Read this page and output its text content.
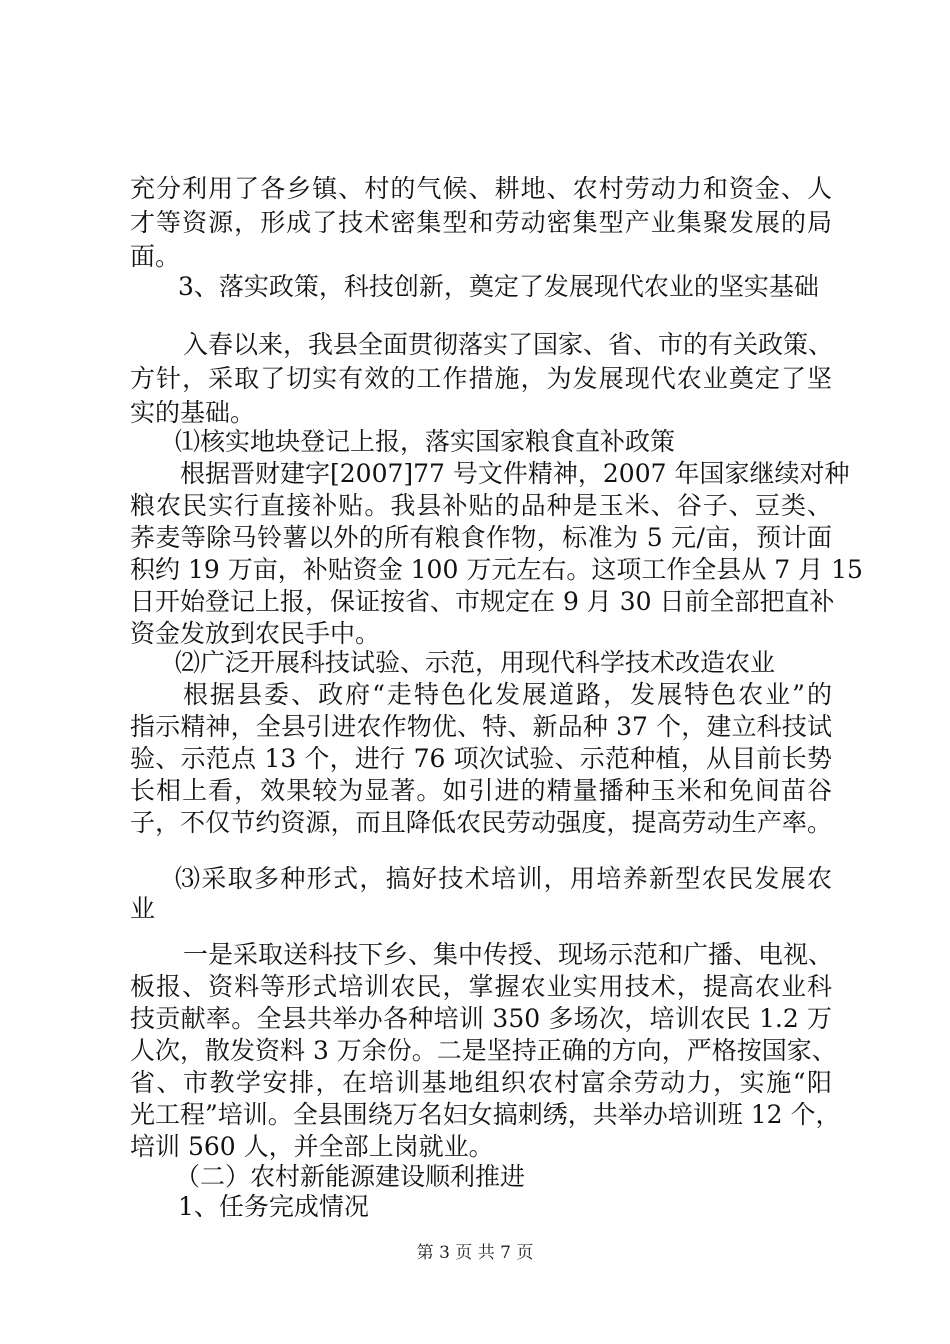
充分利用了各乡镇、村的气候、耕地、农村劳动力和资金、人

才等资源，形成了技术密集型和劳动密集型产业集聚发展的局

面。

3、落实政策，科技创新，奠定了发展现代农业的坚实基础

入春以来，我县全面贯彻落实了国家、省、市的有关政策、

方针，采取了切实有效的工作措施，为发展现代农业奠定了坚

实的基础。

⑴核实地块登记上报，落实国家粮食直补政策

根据晋财建字[2007]77 号文件精神，2007 年国家继续对种

粮农民实行直接补贴。我县补贴的品种是玉米、谷子、豆类、

荞麦等除马铃薯以外的所有粮食作物，标准为 5 元/亩，预计面

积约 19 万亩，补贴资金 100 万元左右。这项工作全县从 7 月 15

日开始登记上报，保证按省、市规定在 9 月 30 日前全部把直补

资金发放到农民手中。

⑵广泛开展科技试验、示范，用现代科学技术改造农业

根据县委、政府“走特色化发展道路，发展特色农业”的

指示精神，全县引进农作物优、特、新品种 37 个，建立科技试

验、示范点 13 个，进行 76 项次试验、示范种植，从目前长势

长相上看，效果较为显著。如引进的精量播种玉米和免间苗谷

子，不仅节约资源，而且降低农民劳动强度，提高劳动生产率。

⑶采取多种形式，搞好技术培训，用培养新型农民发展农

业

一是采取送科技下乡、集中传授、现场示范和广播、电视、

板报、资料等形式培训农民，掌握农业实用技术，提高农业科

技贡献率。全县共举办各种培训 350 多场次，培训农民 1.2 万

人次，散发资料 3 万余份。二是坚持正确的方向，严格按国家、

省、市教学安排，在培训基地组织农村富余劳动力，实施“阳

光工程”培训。全县围绕万名妇女搞刺绣，共举办培训班 12 个，

培训 560 人，并全部上岗就业。

（二）农村新能源建设顺利推进

1、任务完成情况

第 3 页 共 7 页
